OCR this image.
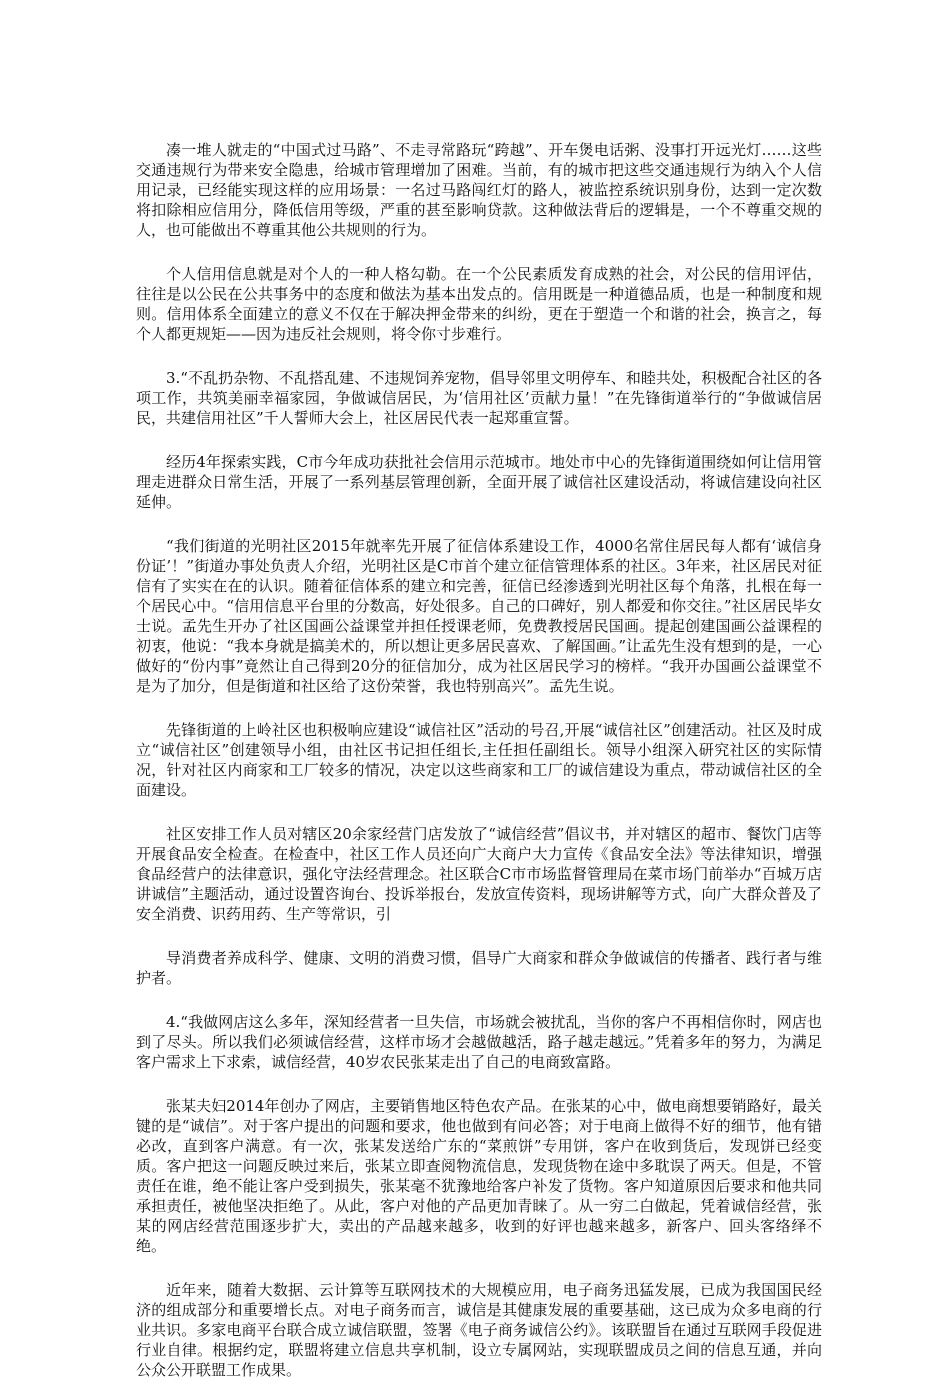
凑一堆人就走的“中国式过马路”、不走寻常路玩“跨越”、开车煲电话粥、没事打开远光灯……这些交通违规行为带来安全隐患，给城市管理增加了困难。当前，有的城市把这些交通违规行为纳入个人信用记录，已经能实现这样的应用场景：一名过马路闯红灯的路人，被监控系统识别身份，达到一定次数将扣除相应信用分，降低信用等级，严重的甚至影响贷款。这种做法背后的逻辑是，一个不尊重交规的人，也可能做出不尊重其他公共规则的行为。

个人信用信息就是对个人的一种人格勾勒。在一个公民素质发育成熟的社会，对公民的信用评估，往往是以公民在公共事务中的态度和做法为基本出发点的。信用既是一种道德品质，也是一种制度和规则。信用体系全面建立的意义不仅在于解决押金带来的纠纷，更在于塑造一个和谐的社会，换言之，每个人都更规矩——因为违反社会规则，将令你寸步难行。

3.“不乱扔杂物、不乱搭乱建、不违规饲养宠物，倡导邻里文明停车、和睦共处，积极配合社区的各项工作，共筑美丽幸福家园，争做诚信居民，为‘信用社区’贡献力量！”在先锋街道举行的“争做诚信居民，共建信用社区”千人誓师大会上，社区居民代表一起郑重宣誓。

经历4年探索实践，C市今年成功获批社会信用示范城市。地处市中心的先锋街道围绕如何让信用管理走进群众日常生活，开展了一系列基层管理创新，全面开展了诚信社区建设活动，将诚信建设向社区延伸。

“我们街道的光明社区2015年就率先开展了征信体系建设工作，4000名常住居民每人都有‘诚信身份证’！”街道办事处负责人介绍，光明社区是C市首个建立征信管理体系的社区。3年来，社区居民对征信有了实实在在的认识。随着征信体系的建立和完善，征信已经渗透到光明社区每个角落，扎根在每一个居民心中。“信用信息平台里的分数高，好处很多。自己的口碑好，别人都爱和你交往。”社区居民毕女士说。孟先生开办了社区国画公益课堂并担任授课老师，免费教授居民国画。提起创建国画公益课程的初衷，他说：“我本身就是搞美术的，所以想让更多居民喜欢、了解国画。”让孟先生没有想到的是，一心做好的“份内事”竟然让自己得到20分的征信加分，成为社区居民学习的榜样。“我开办国画公益课堂不是为了加分，但是街道和社区给了这份荣誉，我也特别高兴”。孟先生说。

先锋街道的上岭社区也积极响应建设“诚信社区”活动的号召,开展“诚信社区”创建活动。社区及时成立“诚信社区”创建领导小组，由社区书记担任组长,主任担任副组长。领导小组深入研究社区的实际情况，针对社区内商家和工厂较多的情况，决定以这些商家和工厂的诚信建设为重点，带动诚信社区的全面建设。

社区安排工作人员对辖区20余家经营门店发放了“诚信经营”倡议书，并对辖区的超市、餐饮门店等开展食品安全检查。在检查中，社区工作人员还向广大商户大力宣传《食品安全法》等法律知识，增强食品经营户的法律意识，强化守法经营理念。社区联合C市市场监督管理局在菜市场门前举办“百城万店讲诚信”主题活动，通过设置咨询台、投诉举报台，发放宣传资料，现场讲解等方式，向广大群众普及了安全消费、识药用药、生产等常识，引

导消费者养成科学、健康、文明的消费习惯，倡导广大商家和群众争做诚信的传播者、践行者与维护者。

4.“我做网店这么多年，深知经营者一旦失信，市场就会被扰乱，当你的客户不再相信你时，网店也到了尽头。所以我们必须诚信经营，这样市场才会越做越活，路子越走越远。”凭着多年的努力，为满足客户需求上下求索，诚信经营，40岁农民张某走出了自己的电商致富路。

张某夫妇2014年创办了网店，主要销售地区特色农产品。在张某的心中，做电商想要销路好，最关键的是“诚信”。对于客户提出的问题和要求，他也做到有问必答；对于电商上做得不好的细节，他有错必改，直到客户满意。有一次，张某发送给广东的“菜煎饼”专用饼，客户在收到货后，发现饼已经变质。客户把这一问题反映过来后，张某立即查阅物流信息，发现货物在途中多耽误了两天。但是，不管责任在谁，绝不能让客户受到损失，张某毫不犹豫地给客户补发了货物。客户知道原因后要求和他共同承担责任，被他坚决拒绝了。从此，客户对他的产品更加青睐了。从一穷二白做起，凭着诚信经营，张某的网店经营范围逐步扩大，卖出的产品越来越多，收到的好评也越来越多，新客户、回头客络绎不绝。

近年来，随着大数据、云计算等互联网技术的大规模应用，电子商务迅猛发展，已成为我国国民经济的组成部分和重要增长点。对电子商务而言，诚信是其健康发展的重要基础，这已成为众多电商的行业共识。多家电商平台联合成立诚信联盟，签署《电子商务诚信公约》。该联盟旨在通过互联网手段促进行业自律。根据约定，联盟将建立信息共享机制，设立专属网站，实现联盟成员之间的信息互通，并向公众公开联盟工作成果。
